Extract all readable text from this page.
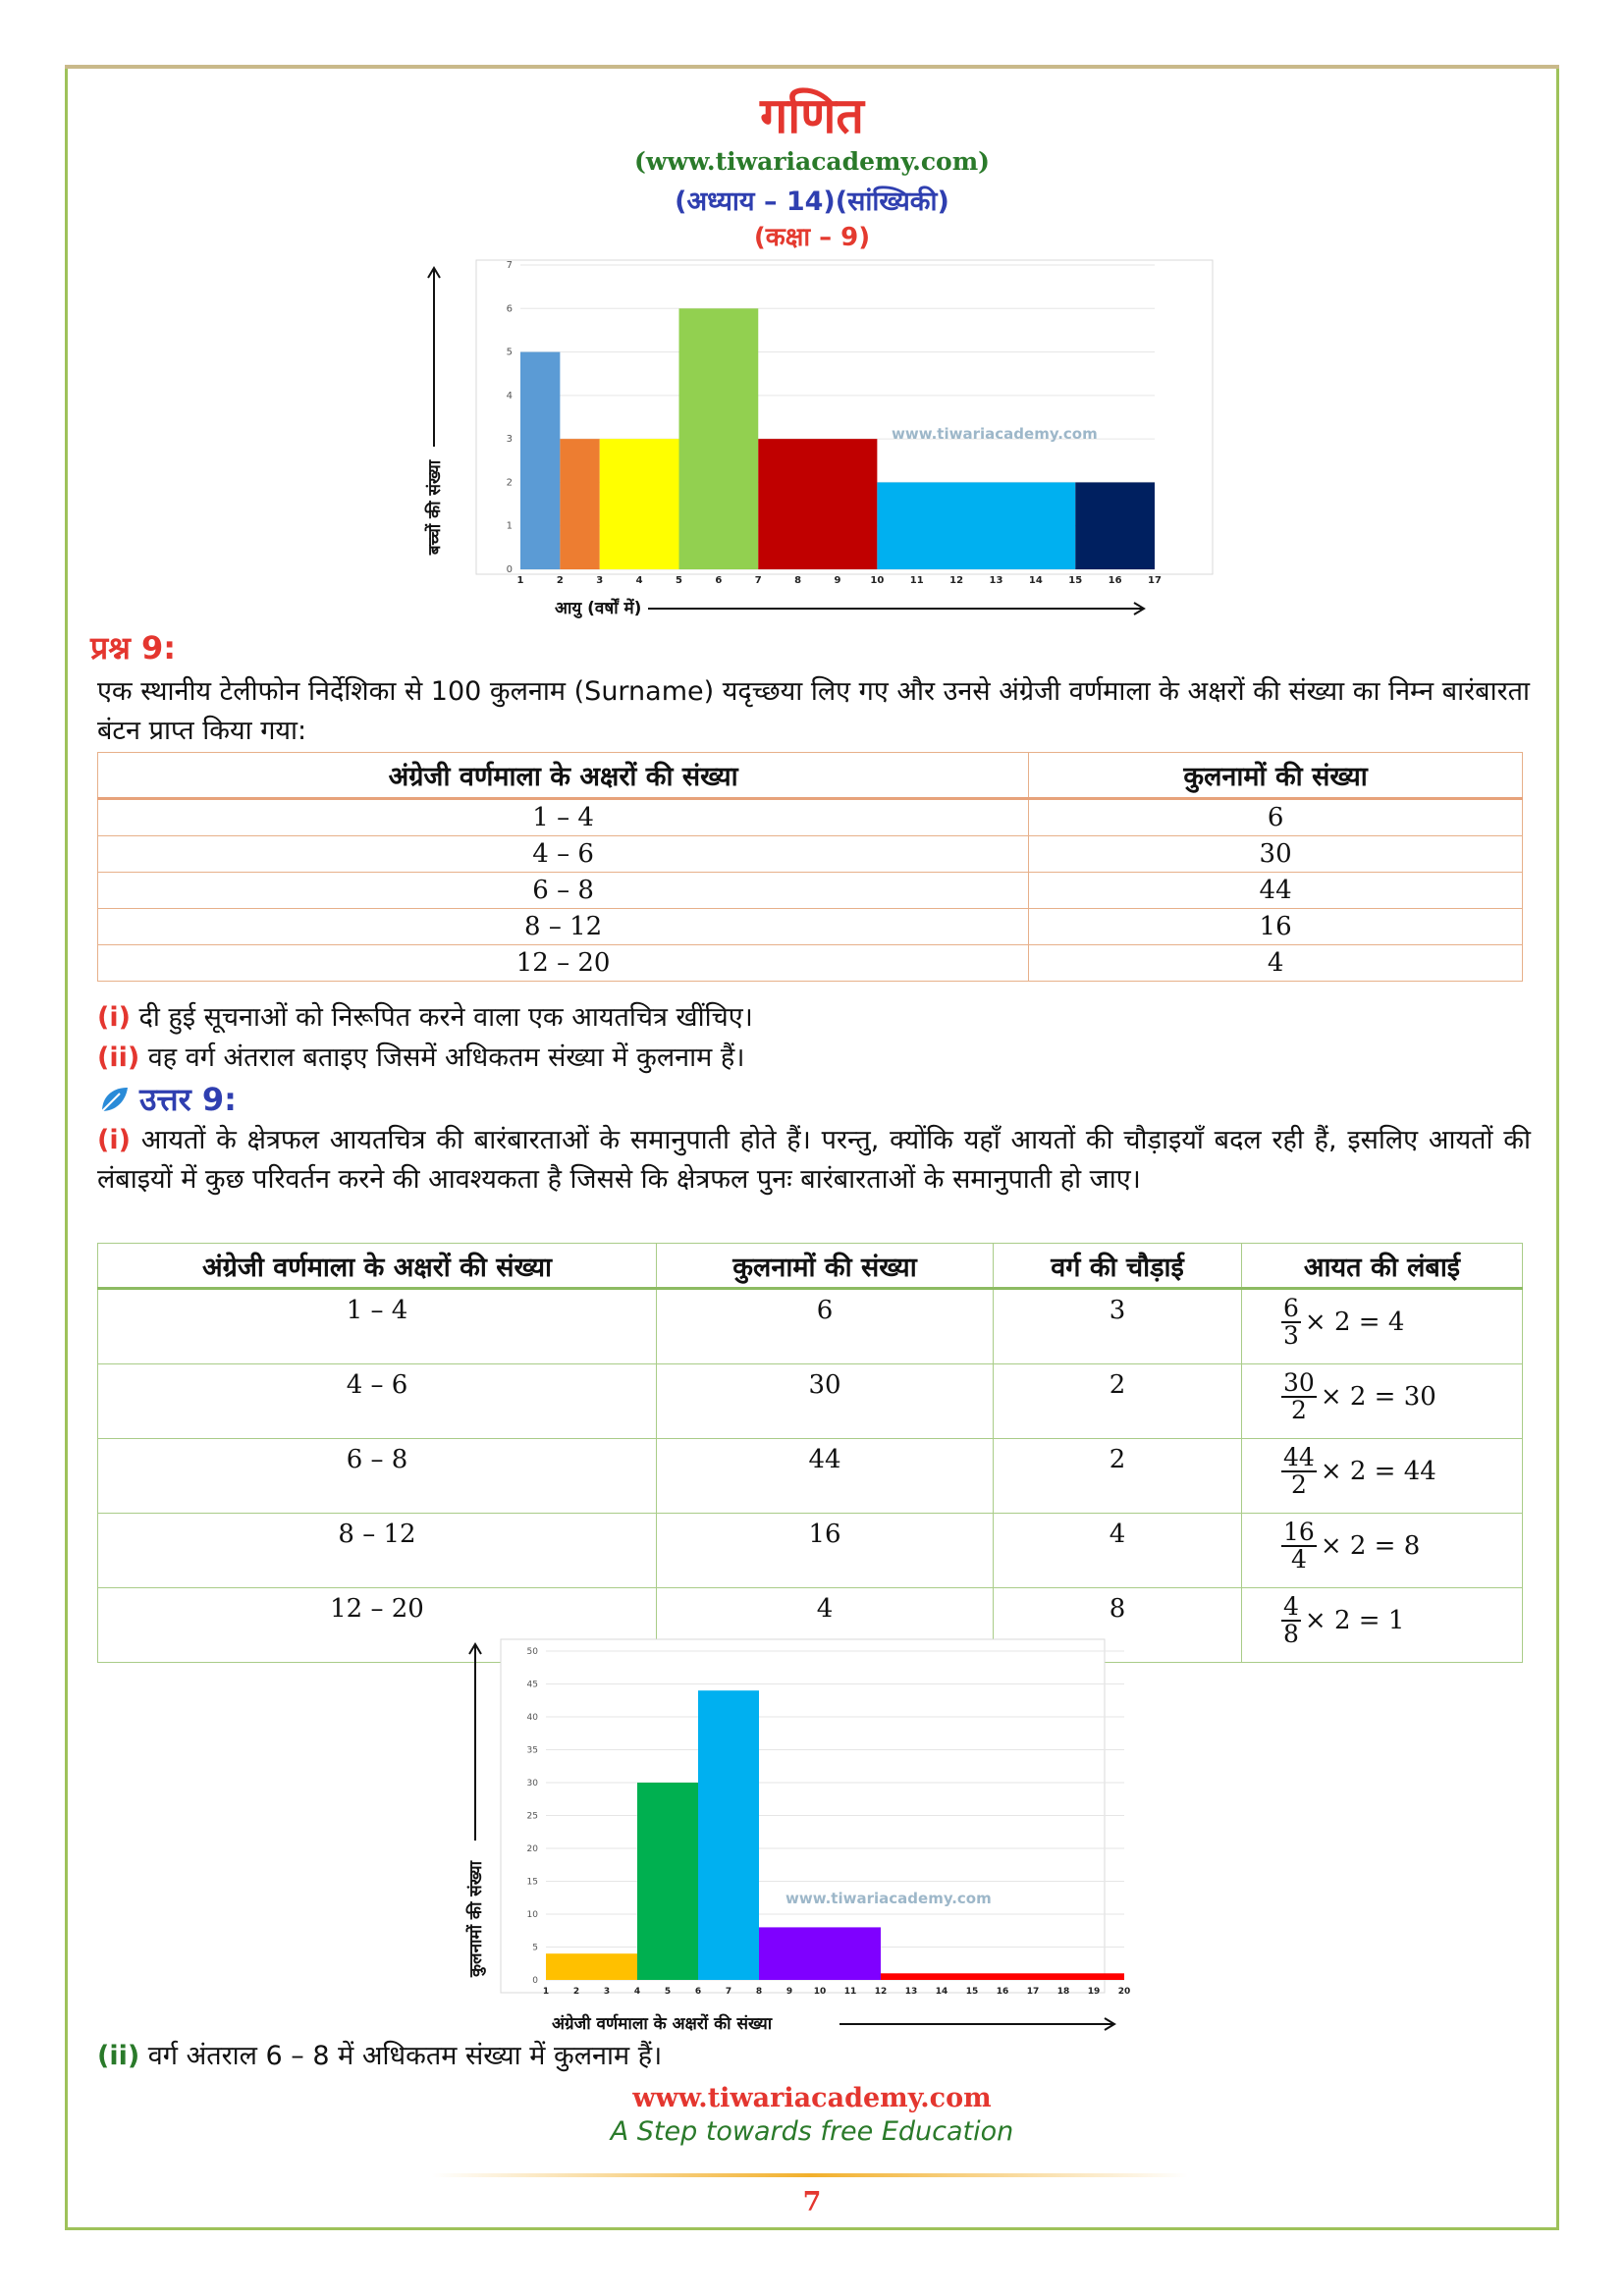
गणित
(www.tiwariacademy.com)
(अध्याय – 14)(सांख्यिकी)
(कक्षा – 9)
0
1
2
3
4
5
6
7
1	2	3	4	5	6	7	8	9	10	11	12	13	14	15	16	17
www.tiwariacademy.com
बच्चों की संख्या
आयु (वर्षों में)
प्रश्न 9:
एक स्थानीय टेलीफोन निर्देशिका से 100 कुलनाम (Surname) यदृच्छया लिए गए और उनसे अंग्रेजी वर्णमाला के अक्षरों की संख्या का निम्न बारंबारता बंटन प्राप्त किया गया:
अंग्रेजी वर्णमाला के अक्षरों की संख्या	कुलनामों की संख्या
1 – 4	6
4 – 6	30
6 – 8	44
8 – 12	16
12 – 20	4
(i) दी हुई सूचनाओं को निरूपित करने वाला एक आयतचित्र खींचिए।
(ii) वह वर्ग अंतराल बताइए जिसमें अधिकतम संख्या में कुलनाम हैं।
उत्तर 9:
(i) आयतों के क्षेत्रफल आयतचित्र की बारंबारताओं के समानुपाती होते हैं। परन्तु, क्योंकि यहाँ आयतों की चौड़ाइयाँ बदल रही हैं, इसलिए आयतों की लंबाइयों में कुछ परिवर्तन करने की आवश्यकता है जिससे कि क्षेत्रफल पुनः बारंबारताओं के समानुपाती हो जाए।
अंग्रेजी वर्णमाला के अक्षरों की संख्या	कुलनामों की संख्या	वर्ग की चौड़ाई	आयत की लंबाई
1 – 4	6	3	$\frac{6}{3} \times 2 = 4$
4 – 6	30	2	$\frac{30}{2} \times 2 = 30$
6 – 8	44	2	$\frac{44}{2} \times 2 = 44$
8 – 12	16	4	$\frac{16}{4} \times 2 = 8$
12 – 20	4	8	$\frac{4}{8} \times 2 = 1$
0
5
10
15
20
25
30
35
40
45
50
1	2	3	4	5	6	7	8	9 10 11 12 13 14 15 16 17 18 19 20
www.tiwariacademy.com
कुलनामों की संख्या
अंग्रेजी वर्णमाला के अक्षरों की संख्या
(ii) वर्ग अंतराल 6 – 8 में अधिकतम संख्या में कुलनाम हैं।
www.tiwariacademy.com
A Step towards free Education
7
